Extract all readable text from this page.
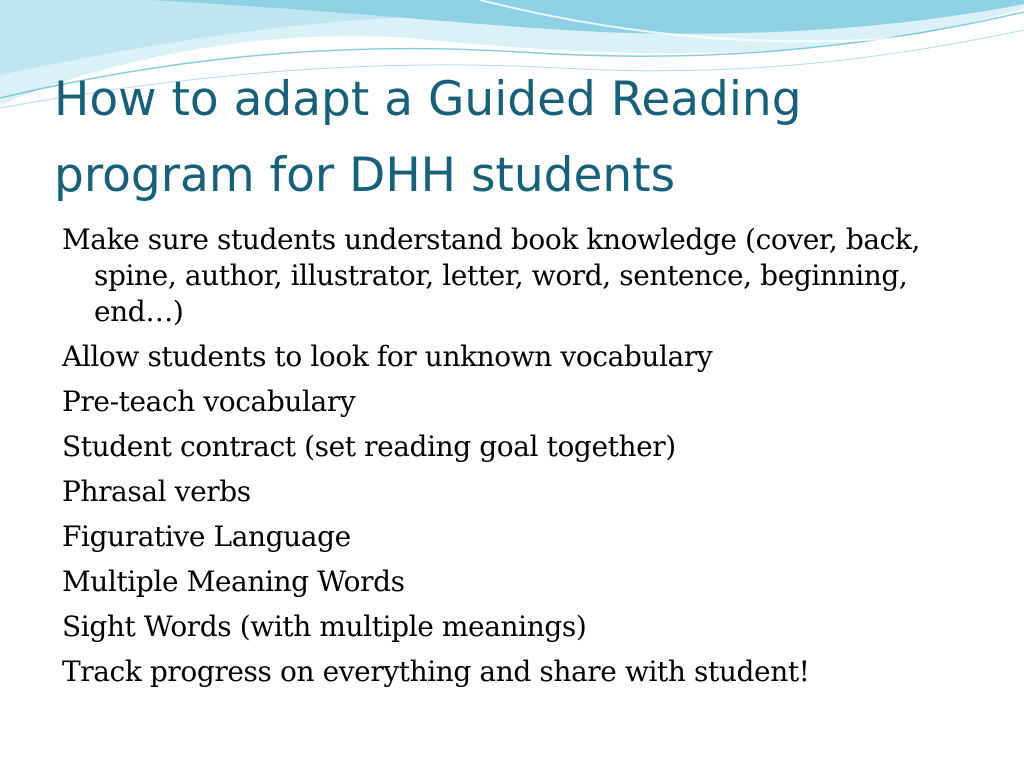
How to adapt a Guided Reading
program for DHH students
Make sure students understand book knowledge (cover, back, spine, author, illustrator, letter, word, sentence, beginning, end…)
Allow students to look for unknown vocabulary
Pre-teach vocabulary
Student contract (set reading goal together)
Phrasal verbs
Figurative Language
Multiple Meaning Words
Sight Words (with multiple meanings)
Track progress on everything and share with student!
